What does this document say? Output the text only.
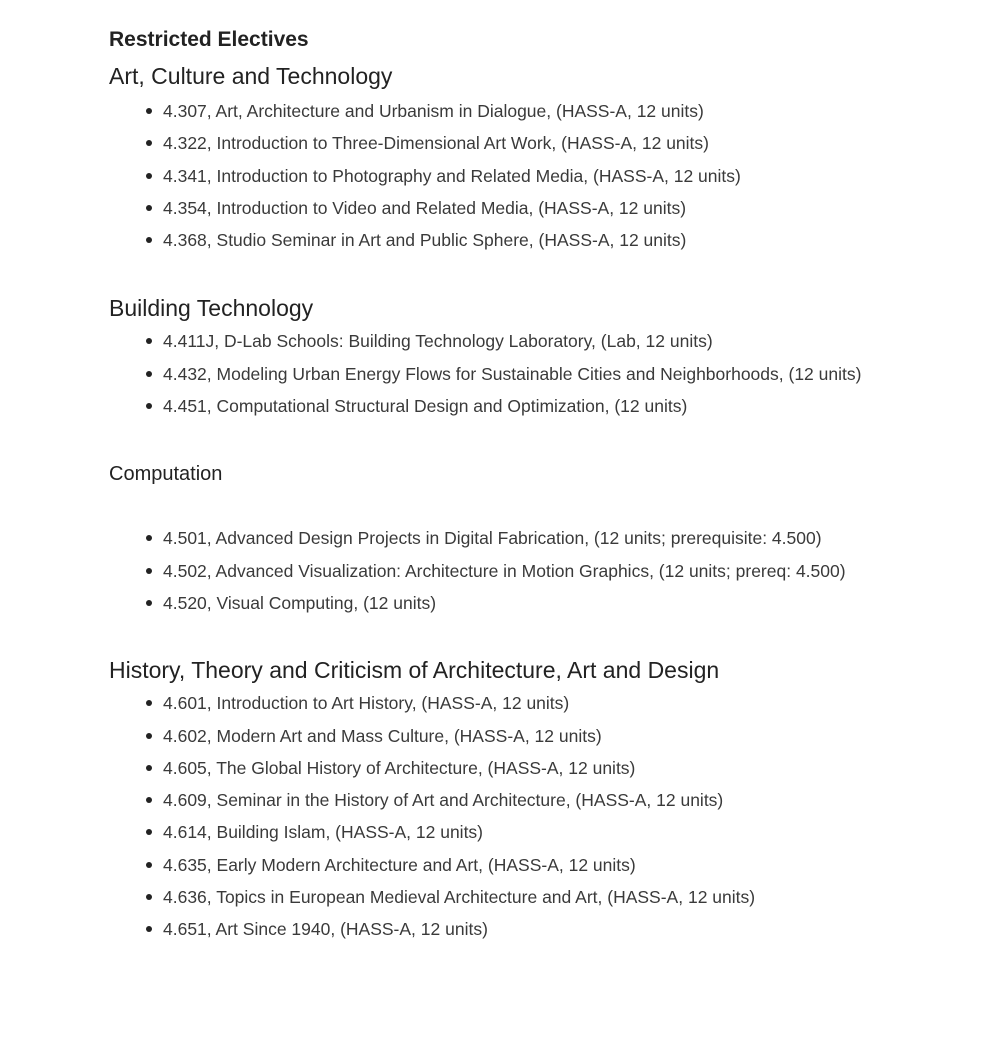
Restricted Electives
Art, Culture and Technology
4.307, Art, Architecture and Urbanism in Dialogue, (HASS-A, 12 units)
4.322, Introduction to Three-Dimensional Art Work, (HASS-A, 12 units)
4.341, Introduction to Photography and Related Media, (HASS-A, 12 units)
4.354, Introduction to Video and Related Media, (HASS-A, 12 units)
4.368, Studio Seminar in Art and Public Sphere, (HASS-A, 12 units)
Building Technology
4.411J, D-Lab Schools: Building Technology Laboratory, (Lab, 12 units)
4.432, Modeling Urban Energy Flows for Sustainable Cities and Neighborhoods, (12 units)
4.451, Computational Structural Design and Optimization, (12 units)
Computation
4.501, Advanced Design Projects in Digital Fabrication, (12 units; prerequisite: 4.500)
4.502, Advanced Visualization: Architecture in Motion Graphics, (12 units; prereq: 4.500)
4.520, Visual Computing, (12 units)
History, Theory and Criticism of Architecture, Art and Design
4.601, Introduction to Art History, (HASS-A, 12 units)
4.602, Modern Art and Mass Culture, (HASS-A, 12 units)
4.605, The Global History of Architecture, (HASS-A, 12 units)
4.609, Seminar in the History of Art and Architecture, (HASS-A, 12 units)
4.614, Building Islam, (HASS-A, 12 units)
4.635, Early Modern Architecture and Art, (HASS-A, 12 units)
4.636, Topics in European Medieval Architecture and Art, (HASS-A, 12 units)
4.651, Art Since 1940, (HASS-A, 12 units)
